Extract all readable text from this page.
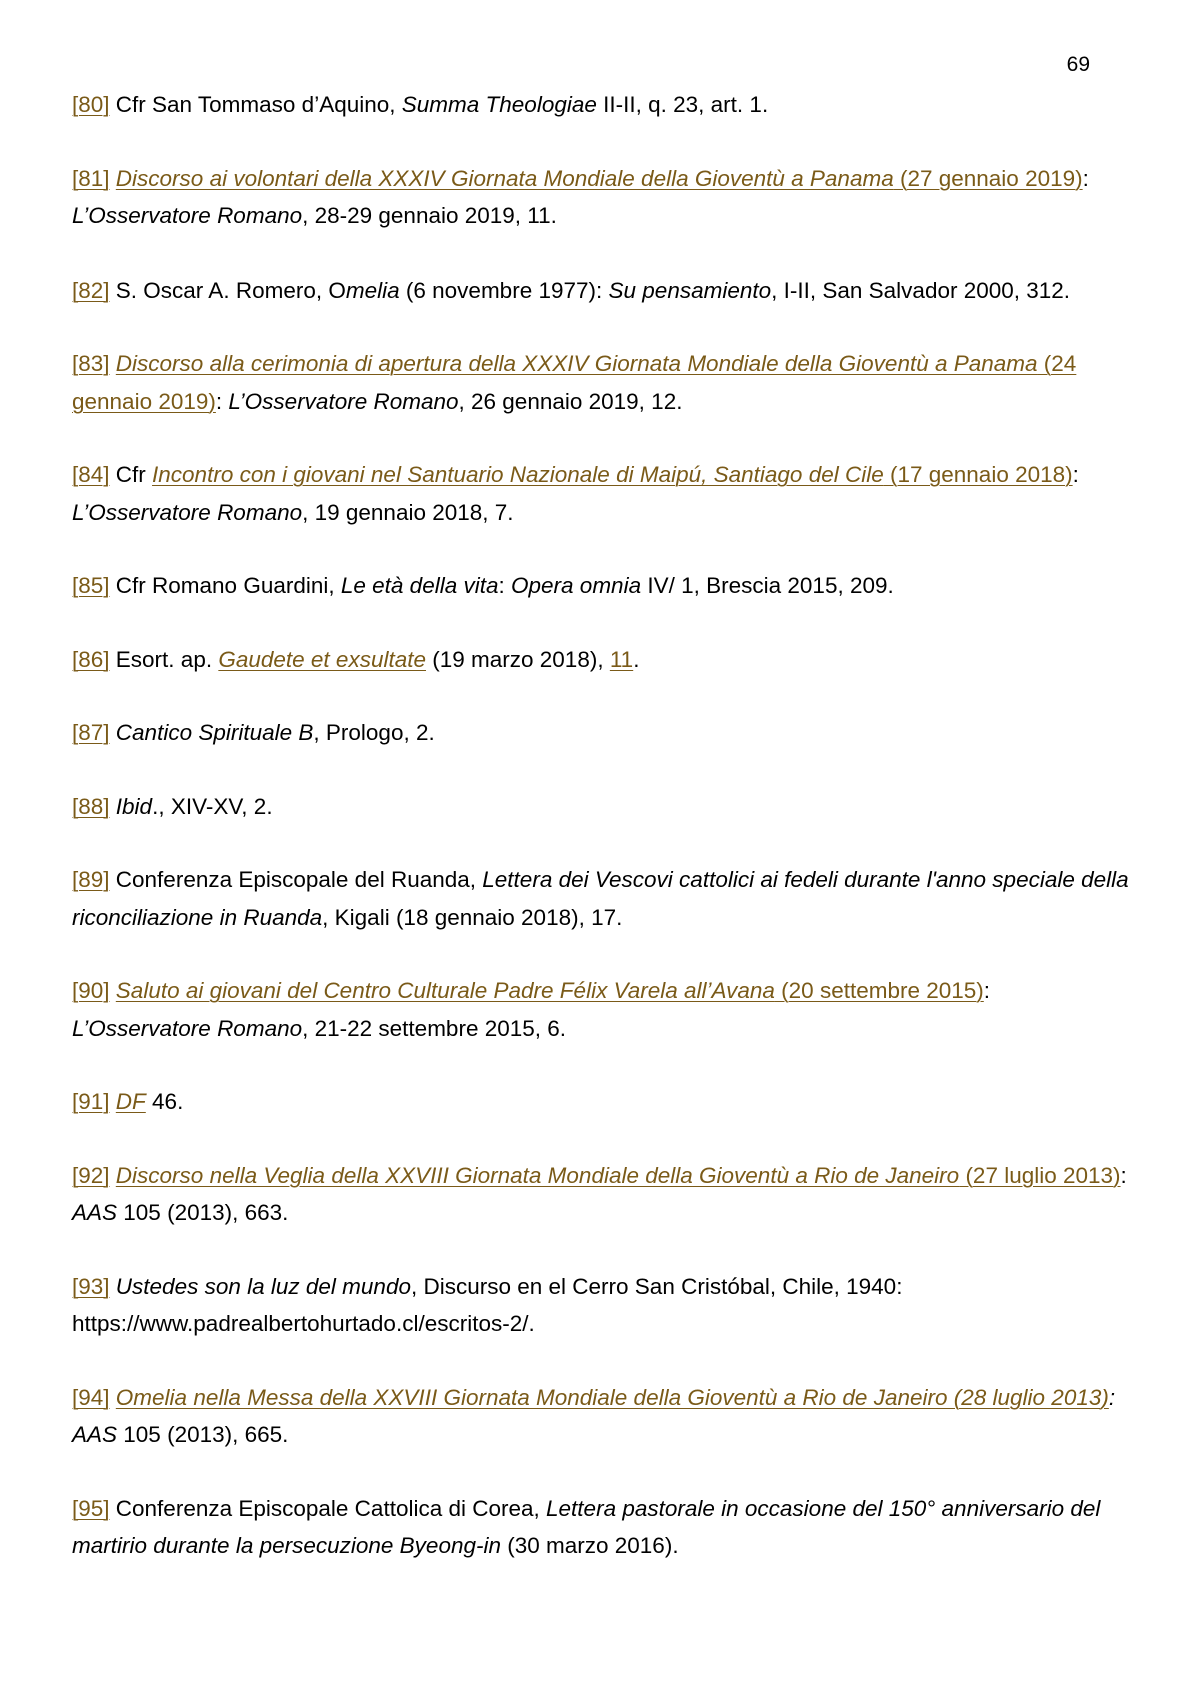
69

[80] Cfr San Tommaso d’Aquino, Summa Theologiae II-II, q. 23, art. 1.

[81] Discorso ai volontari della XXXIV Giornata Mondiale della Gioventù a Panama (27 gennaio 2019): L’Osservatore Romano, 28-29 gennaio 2019, 11.

[82] S. Oscar A. Romero, Omelia (6 novembre 1977): Su pensamiento, I-II, San Salvador 2000, 312.

[83] Discorso alla cerimonia di apertura della XXXIV Giornata Mondiale della Gioventù a Panama (24 gennaio 2019): L’Osservatore Romano, 26 gennaio 2019, 12.

[84] Cfr Incontro con i giovani nel Santuario Nazionale di Maipú, Santiago del Cile (17 gennaio 2018): L’Osservatore Romano, 19 gennaio 2018, 7.

[85] Cfr Romano Guardini, Le età della vita: Opera omnia IV/ 1, Brescia 2015, 209.

[86] Esort. ap. Gaudete et exsultate (19 marzo 2018), 11.

[87] Cantico Spirituale B, Prologo, 2.

[88] Ibid., XIV-XV, 2.

[89] Conferenza Episcopale del Ruanda, Lettera dei Vescovi cattolici ai fedeli durante l'anno speciale della riconciliazione in Ruanda, Kigali (18 gennaio 2018), 17.

[90] Saluto ai giovani del Centro Culturale Padre Félix Varela all’Avana (20 settembre 2015): L’Osservatore Romano, 21-22 settembre 2015, 6.

[91] DF 46.

[92] Discorso nella Veglia della XXVIII Giornata Mondiale della Gioventù a Rio de Janeiro (27 luglio 2013): AAS 105 (2013), 663.

[93] Ustedes son la luz del mundo, Discurso en el Cerro San Cristóbal, Chile, 1940: https://www.padrealbertohurtado.cl/escritos-2/.

[94] Omelia nella Messa della XXVIII Giornata Mondiale della Gioventù a Rio de Janeiro (28 luglio 2013): AAS 105 (2013), 665.

[95] Conferenza Episcopale Cattolica di Corea, Lettera pastorale in occasione del 150° anniversario del martirio durante la persecuzione Byeong-in (30 marzo 2016).
